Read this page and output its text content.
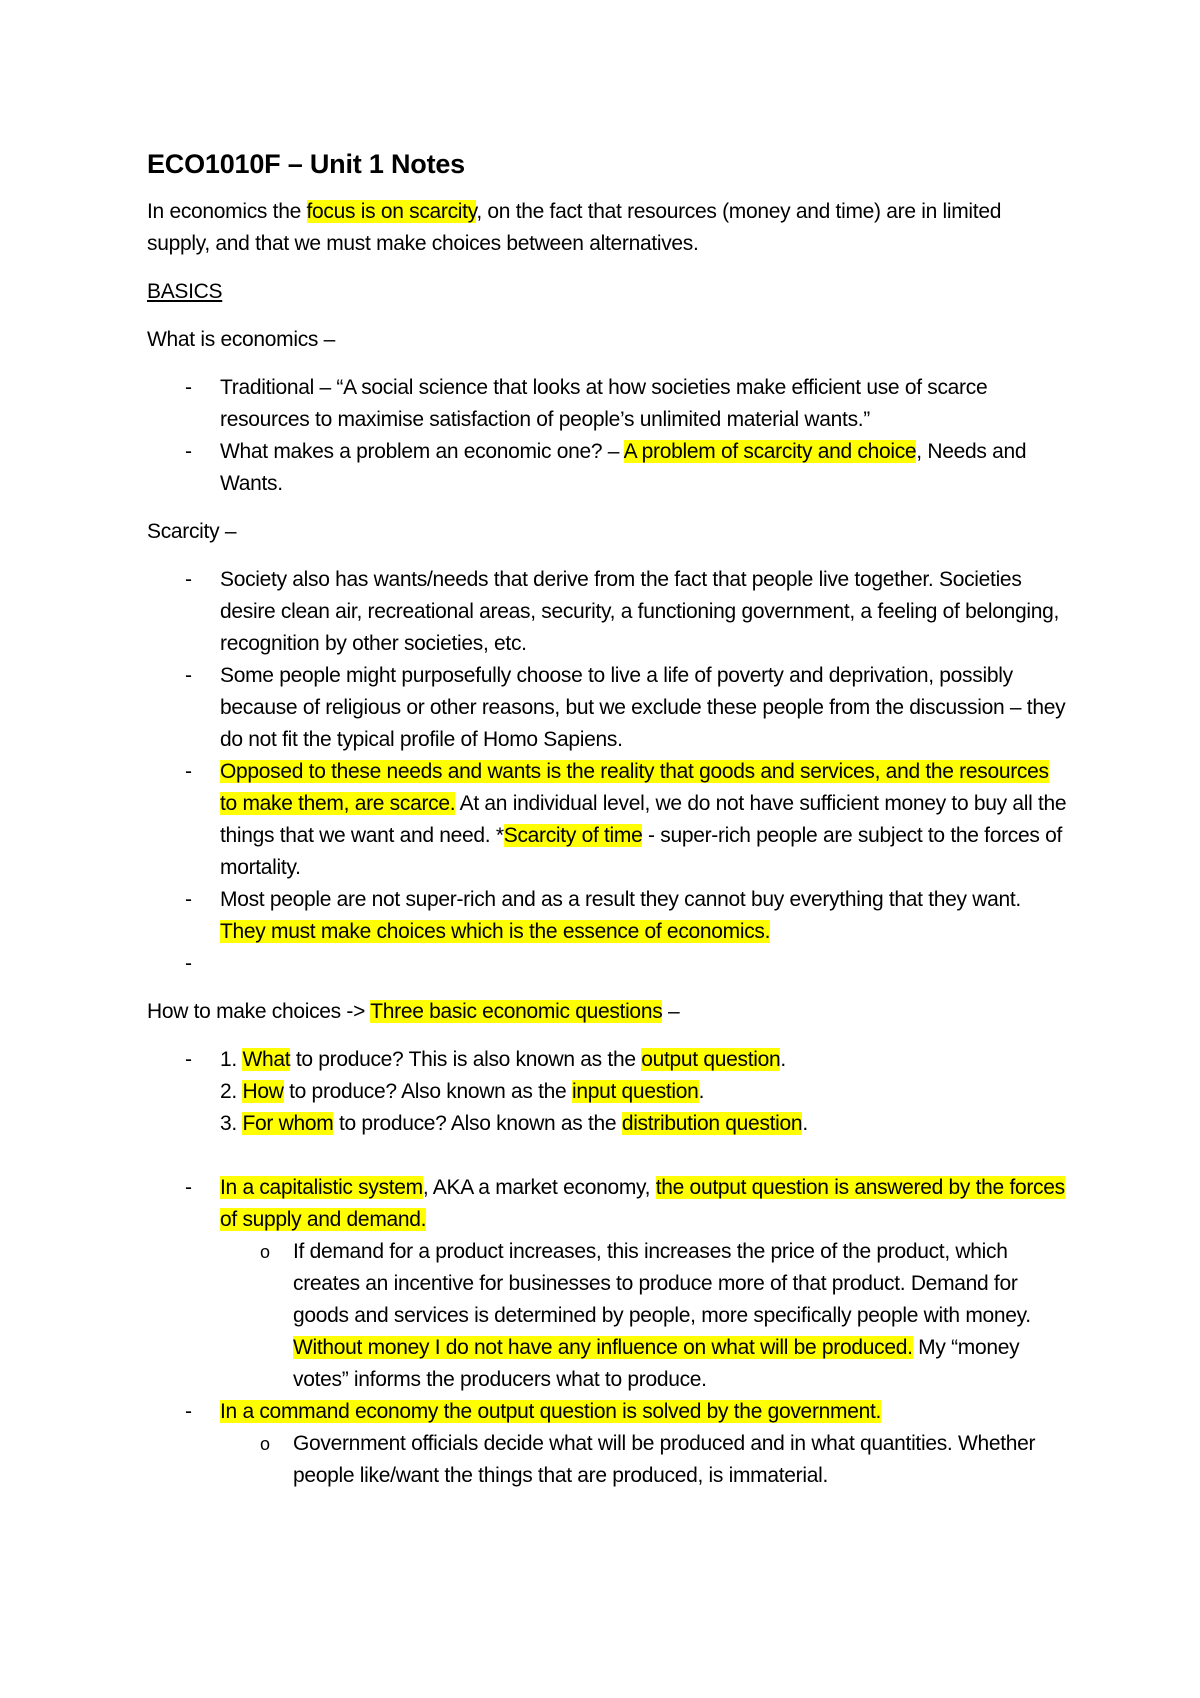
ECO1010F – Unit 1 Notes
In economics the focus is on scarcity, on the fact that resources (money and time) are in limited supply, and that we must make choices between alternatives.
BASICS
What is economics –
- Traditional – “A social science that looks at how societies make efficient use of scarce resources to maximise satisfaction of people’s unlimited material wants.”
- What makes a problem an economic one? – A problem of scarcity and choice, Needs and Wants.
Scarcity –
- Society also has wants/needs that derive from the fact that people live together. Societies desire clean air, recreational areas, security, a functioning government, a feeling of belonging, recognition by other societies, etc.
- Some people might purposefully choose to live a life of poverty and deprivation, possibly because of religious or other reasons, but we exclude these people from the discussion – they do not fit the typical profile of Homo Sapiens.
- Opposed to these needs and wants is the reality that goods and services, and the resources to make them, are scarce. At an individual level, we do not have sufficient money to buy all the things that we want and need. *Scarcity of time - super-rich people are subject to the forces of mortality.
- Most people are not super-rich and as a result they cannot buy everything that they want. They must make choices which is the essence of economics.
-

How to make choices -> Three basic economic questions –
- 1. What to produce? This is also known as the output question.
2. How to produce? Also known as the input question.
3. For whom to produce? Also known as the distribution question.
- In a capitalistic system, AKA a market economy, the output question is answered by the forces of supply and demand.
o If demand for a product increases, this increases the price of the product, which creates an incentive for businesses to produce more of that product. Demand for goods and services is determined by people, more specifically people with money. Without money I do not have any influence on what will be produced. My “money votes” informs the producers what to produce.
- In a command economy the output question is solved by the government.
o Government officials decide what will be produced and in what quantities. Whether people like/want the things that are produced, is immaterial.
